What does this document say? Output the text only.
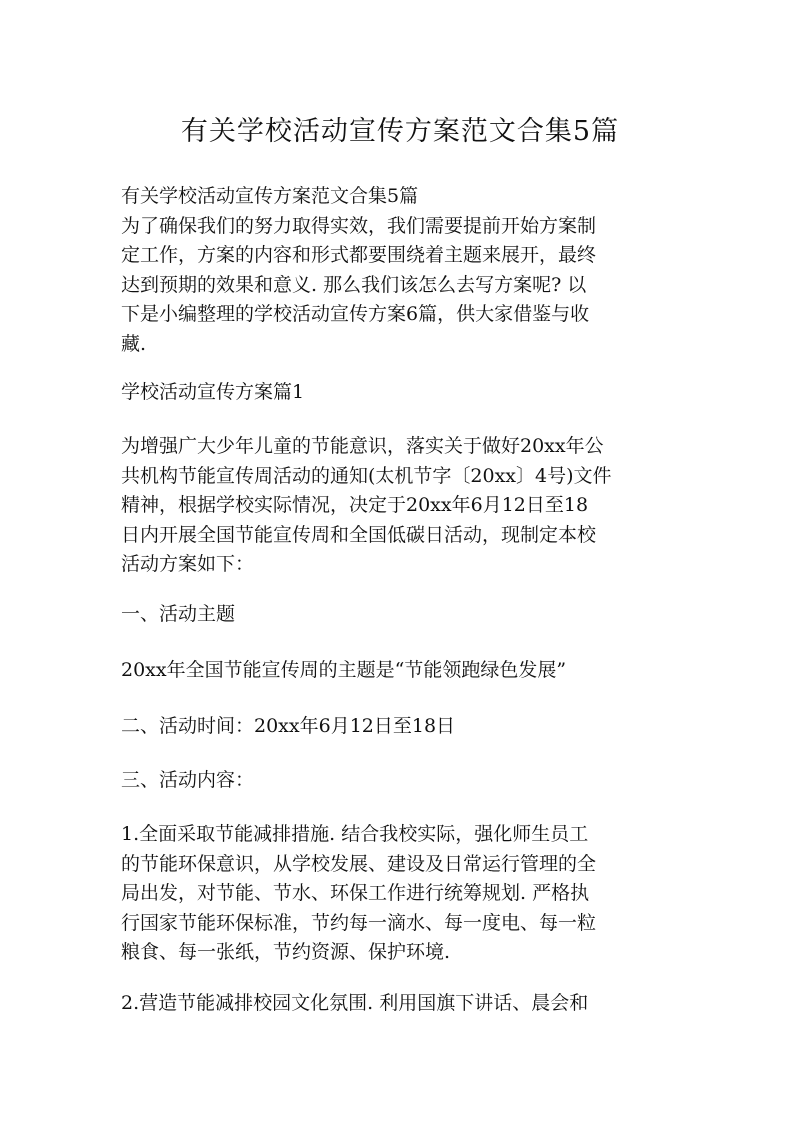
有关学校活动宣传方案范文合集5篇
有关学校活动宣传方案范文合集5篇
为了确保我们的努力取得实效，我们需要提前开始方案制
定工作，方案的内容和形式都要围绕着主题来展开，最终
达到预期的效果和意义. 那么我们该怎么去写方案呢? 以
下是小编整理的学校活动宣传方案6篇，供大家借鉴与收
藏.
学校活动宣传方案篇1
为增强广大少年儿童的节能意识，落实关于做好20xx年公
共机构节能宣传周活动的通知(太机节字〔20xx〕4号)文件
精神，根据学校实际情况，决定于20xx年6月12日至18
日内开展全国节能宣传周和全国低碳日活动，现制定本校
活动方案如下：
一、活动主题
20xx年全国节能宣传周的主题是“节能领跑绿色发展”
二、活动时间：20xx年6月12日至18日
三、活动内容：
1.全面采取节能减排措施. 结合我校实际，强化师生员工
的节能环保意识，从学校发展、建设及日常运行管理的全
局出发，对节能、节水、环保工作进行统筹规划. 严格执
行国家节能环保标准，节约每一滴水、每一度电、每一粒
粮食、每一张纸，节约资源、保护环境.
2.营造节能减排校园文化氛围. 利用国旗下讲话、晨会和
